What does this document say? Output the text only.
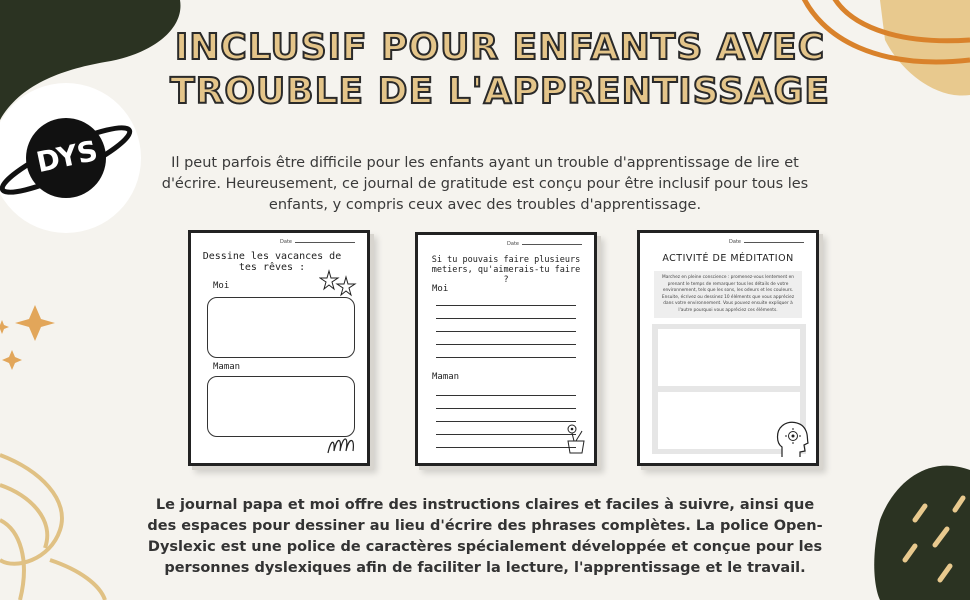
DYS
INCLUSIF POUR ENFANTS AVEC TROUBLE DE L'APPRENTISSAGE

Il peut parfois être difficile pour les enfants ayant un trouble d'apprentissage de lire et d'écrire. Heureusement, ce journal de gratitude est conçu pour être inclusif pour tous les enfants, y compris ceux avec des troubles d'apprentissage.

Date
Dessine les vacances de tes rêves :
Moi
Maman
Date
Si tu pouvais faire plusieurs metiers, qu'aimerais-tu faire ?
Moi
Maman
Date
ACTIVITÉ DE MÉDITATION
Marchez en pleine conscience : promenez-vous lentement en prenant le temps de remarquer tous les détails de votre environnement, tels que les sons, les odeurs et les couleurs. Ensuite, écrivez ou dessinez 10 éléments que vous appréciez dans votre environnement. Vous pouvez ensuite expliquer à l'autre pourquoi vous appréciez ces éléments.

Le journal papa et moi offre des instructions claires et faciles à suivre, ainsi que des espaces pour dessiner au lieu d'écrire des phrases complètes. La police Open-Dyslexic est une police de caractères spécialement développée et conçue pour les personnes dyslexiques afin de faciliter la lecture, l'apprentissage et le travail.
